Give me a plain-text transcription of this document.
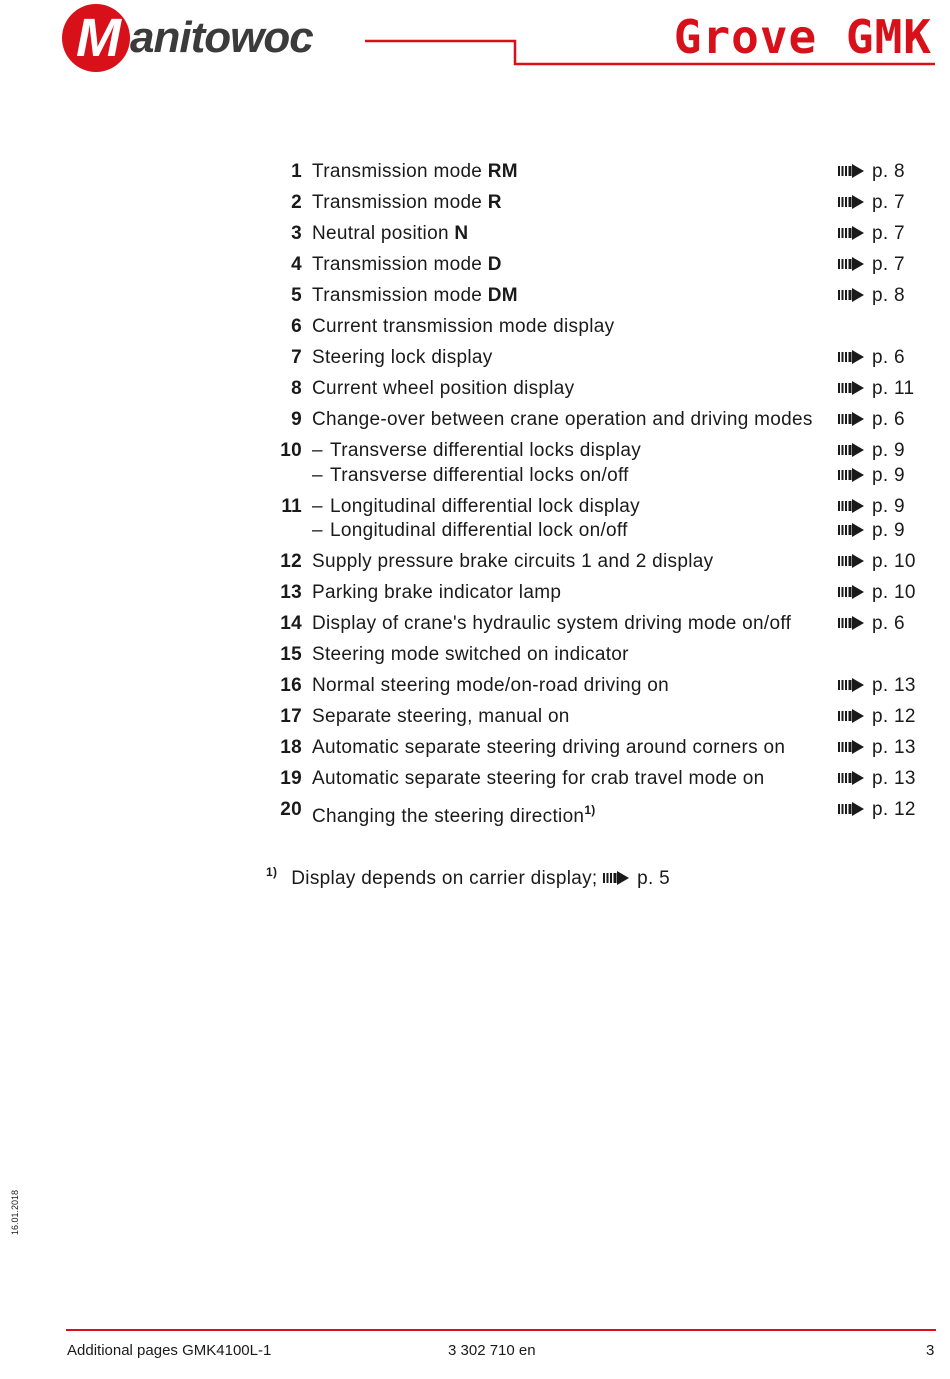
M anitowoc	Grove GMK
1 Transmission mode RM	p. 8
2 Transmission mode R	p. 7
3 Neutral position N	p. 7
4 Transmission mode D	p. 7
5 Transmission mode DM	p. 8
6 Current transmission mode display
7 Steering lock display	p. 6
8 Current wheel position display	p. 11
9 Change-over between crane operation and driving modes	p. 6
10 – Transverse differential locks display	p. 9
– Transverse differential locks on/off	p. 9
11 – Longitudinal differential lock display	p. 9
– Longitudinal differential lock on/off	p. 9
12 Supply pressure brake circuits 1 and 2 display	p. 10
13 Parking brake indicator lamp	p. 10
14 Display of crane's hydraulic system driving mode on/off	p. 6
15 Steering mode switched on indicator
16 Normal steering mode/on-road driving on	p. 13
17 Separate steering, manual on	p. 12
18 Automatic separate steering driving around corners on	p. 13
19 Automatic separate steering for crab travel mode on	p. 13
20 Changing the steering direction$^{1)}$	p. 12
$^{1)}$ Display depends on carrier display; p. 5
16.01.2018
Additional pages GMK4100L-1	3 302 710 en	3
